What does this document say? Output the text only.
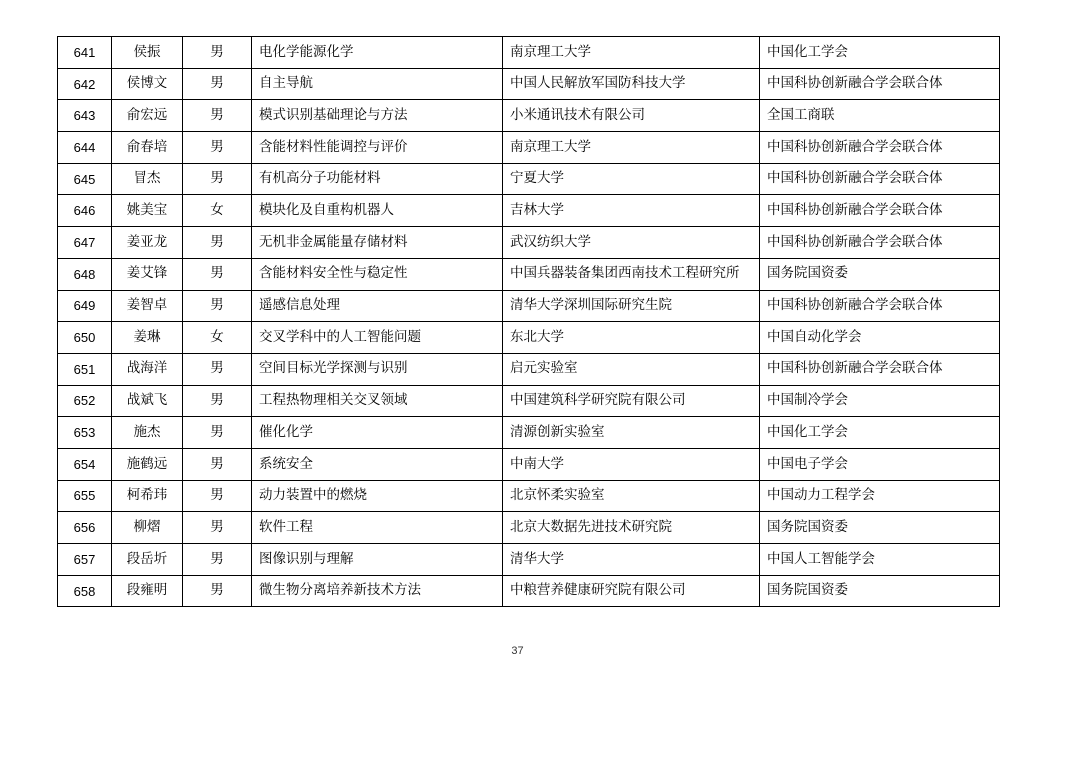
641	侯振	男	电化学能源化学	南京理工大学	中国化工学会
642	侯博文	男	自主导航	中国人民解放军国防科技大学	中国科协创新融合学会联合体
643	俞宏远	男	模式识别基础理论与方法	小米通讯技术有限公司	全国工商联
644	俞春培	男	含能材料性能调控与评价	南京理工大学	中国科协创新融合学会联合体
645	冒杰	男	有机高分子功能材料	宁夏大学	中国科协创新融合学会联合体
646	姚美宝	女	模块化及自重构机器人	吉林大学	中国科协创新融合学会联合体
647	姜亚龙	男	无机非金属能量存储材料	武汉纺织大学	中国科协创新融合学会联合体
648	姜艾锋	男	含能材料安全性与稳定性	中国兵器装备集团西南技术工程研究所	国务院国资委
649	姜智卓	男	遥感信息处理	清华大学深圳国际研究生院	中国科协创新融合学会联合体
650	姜琳	女	交叉学科中的人工智能问题	东北大学	中国自动化学会
651	战海洋	男	空间目标光学探测与识别	启元实验室	中国科协创新融合学会联合体
652	战斌飞	男	工程热物理相关交叉领域	中国建筑科学研究院有限公司	中国制冷学会
653	施杰	男	催化化学	清源创新实验室	中国化工学会
654	施鹤远	男	系统安全	中南大学	中国电子学会
655	柯希玮	男	动力装置中的燃烧	北京怀柔实验室	中国动力工程学会
656	柳熠	男	软件工程	北京大数据先进技术研究院	国务院国资委
657	段岳圻	男	图像识别与理解	清华大学	中国人工智能学会
658	段雍明	男	微生物分离培养新技术方法	中粮营养健康研究院有限公司	国务院国资委
37
